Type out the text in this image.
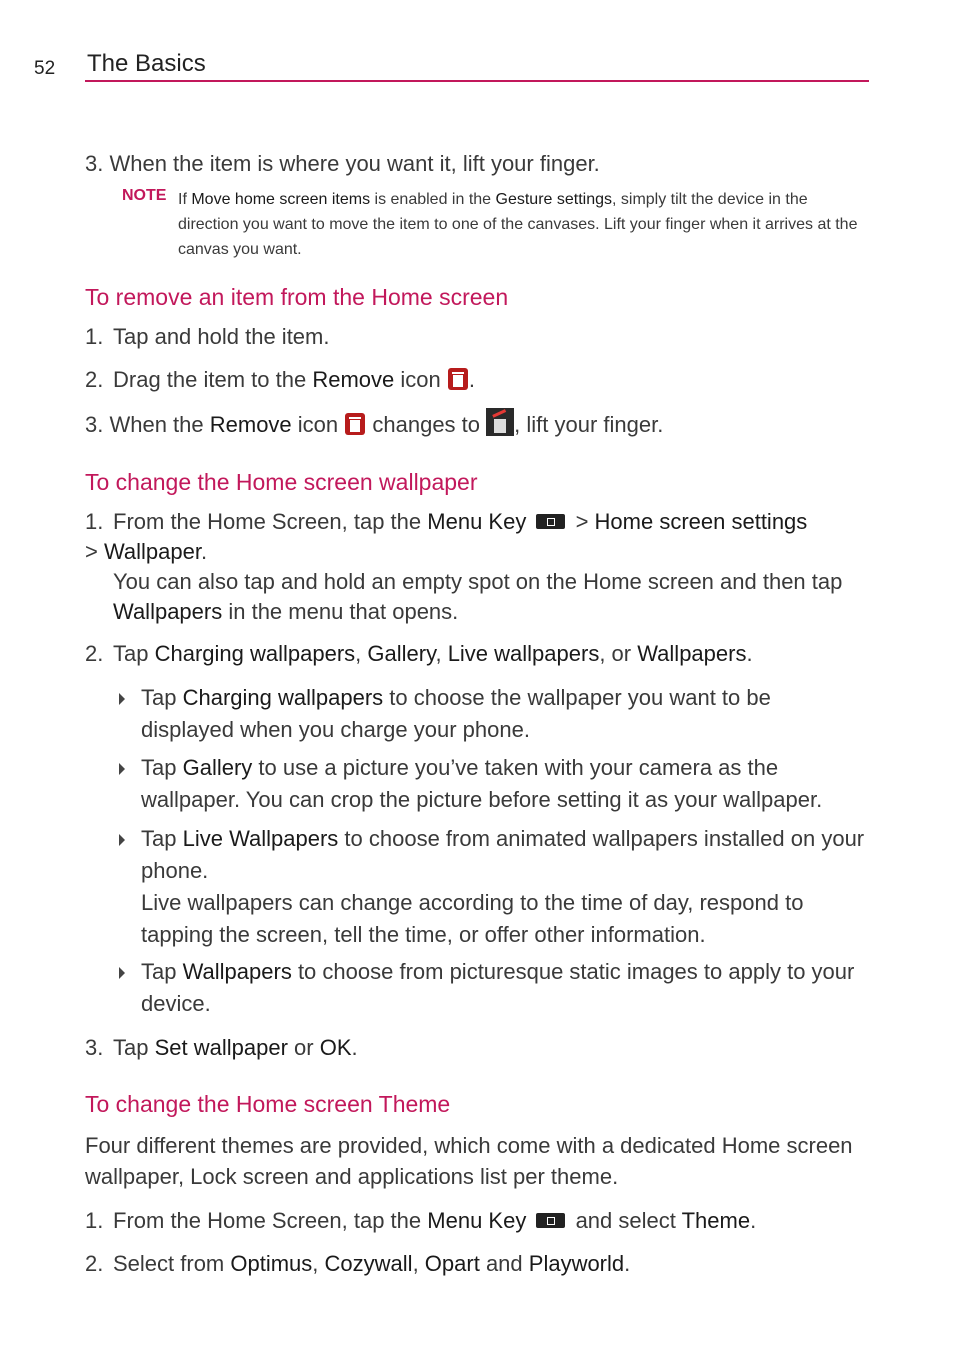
52 The Basics
3. When the item is where you want it, lift your finger.
NOTE If Move home screen items is enabled in the Gesture settings, simply tilt the device in the direction you want to move the item to one of the canvases. Lift your finger when it arrives at the canvas you want.
To remove an item from the Home screen
1. Tap and hold the item.
2. Drag the item to the Remove icon .
3. When the Remove icon  changes to , lift your finger.
To change the Home screen wallpaper
1. From the Home Screen, tap the Menu Key  > Home screen settings
> Wallpaper.
You can also tap and hold an empty spot on the Home screen and then tap Wallpapers in the menu that opens.
2. Tap Charging wallpapers, Gallery, Live wallpapers, or Wallpapers.
Tap Charging wallpapers to choose the wallpaper you want to be displayed when you charge your phone.
Tap Gallery to use a picture you’ve taken with your camera as the wallpaper. You can crop the picture before setting it as your wallpaper.
Tap Live Wallpapers to choose from animated wallpapers installed on your phone.
Live wallpapers can change according to the time of day, respond to tapping the screen, tell the time, or offer other information.
Tap Wallpapers to choose from picturesque static images to apply to your device.
3. Tap Set wallpaper or OK.
To change the Home screen Theme
Four different themes are provided, which come with a dedicated Home screen wallpaper, Lock screen and applications list per theme.
1. From the Home Screen, tap the Menu Key  and select Theme.
2. Select from Optimus, Cozywall, Opart and Playworld.
